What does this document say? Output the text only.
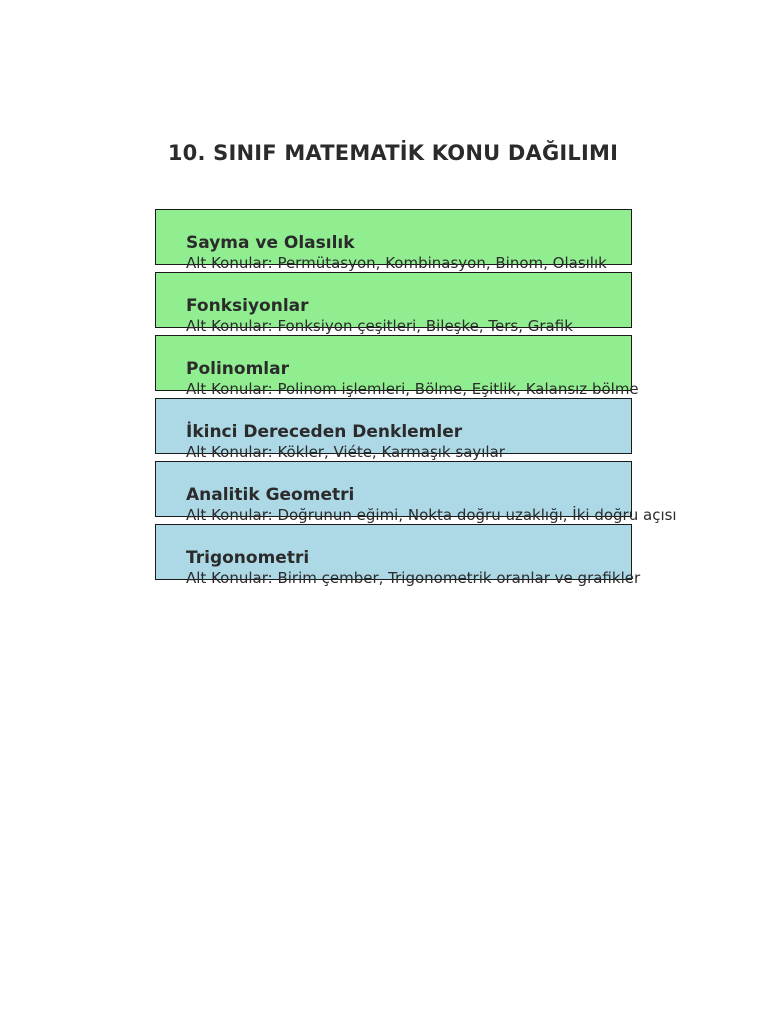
10. SINIF MATEMATİK KONU DAĞILIMI
Sayma ve Olasılık
Alt Konular: Permütasyon, Kombinasyon, Binom, Olasılık
Fonksiyonlar
Alt Konular: Fonksiyon çeşitleri, Bileşke, Ters, Grafik
Polinomlar
Alt Konular: Polinom işlemleri, Bölme, Eşitlik, Kalansız bölme
İkinci Dereceden Denklemler
Alt Konular: Kökler, Viéte, Karmaşık sayılar
Analitik Geometri
Alt Konular: Doğrunun eğimi, Nokta doğru uzaklığı, İki doğru açısı
Trigonometri
Alt Konular: Birim çember, Trigonometrik oranlar ve grafikler
